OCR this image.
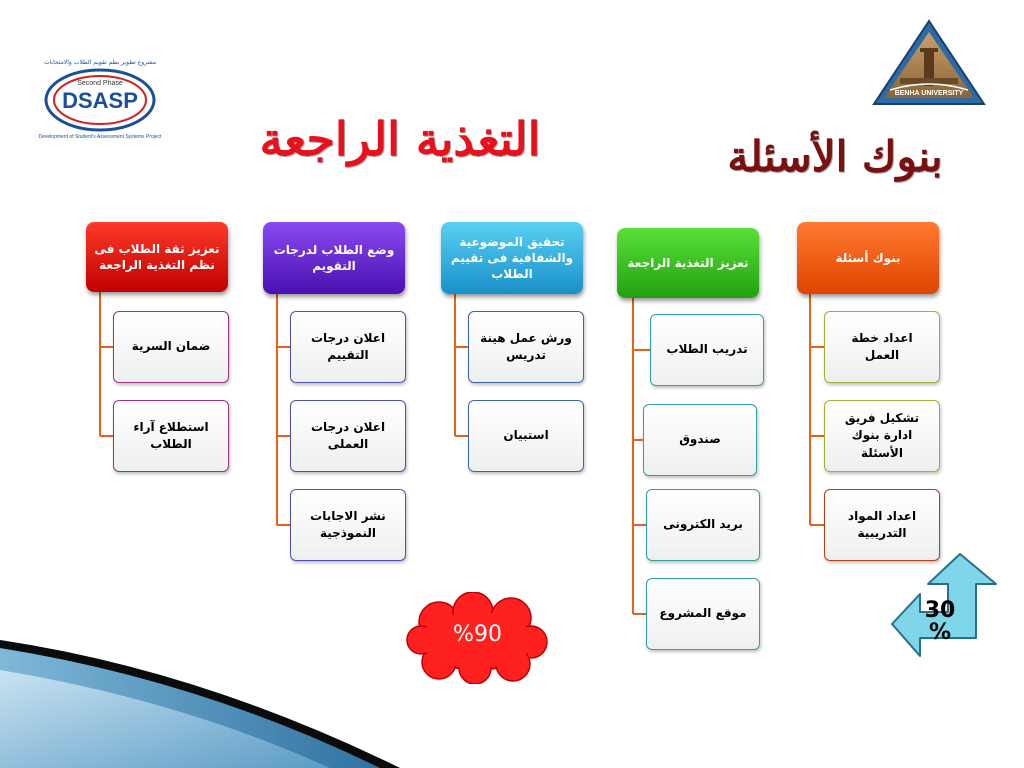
DSASP
Second Phase
مشروع تطوير نظم تقويم الطلاب والامتحانات
Development of Student's Assessment Systems Project
BENHA UNIVERSITY
التغذية الراجعة	بنوك الأسئلة
تعزيز ثقة الطلاب فى نظم التغذية الراجعة
ضمان السرية
استطلاع آراء الطلاب
وضع الطلاب لدرجات التقويم
اعلان درجات التقييم
اعلان درجات العملى
نشر الاجابات النموذجية
تحقيق الموضوعية والشفافية فى تقييم الطلاب
ورش عمل هينة تدريس
استبيان
تعزيز التغذية الراجعة
تدريب الطلاب
صندوق
بريد الكترونى
موقع المشروع
بنوك أسئلة
اعداد خطة العمل
تشكيل فريق ادارة بنوك الأسئلة
اعداد المواد التدريبية
%90
30
%
